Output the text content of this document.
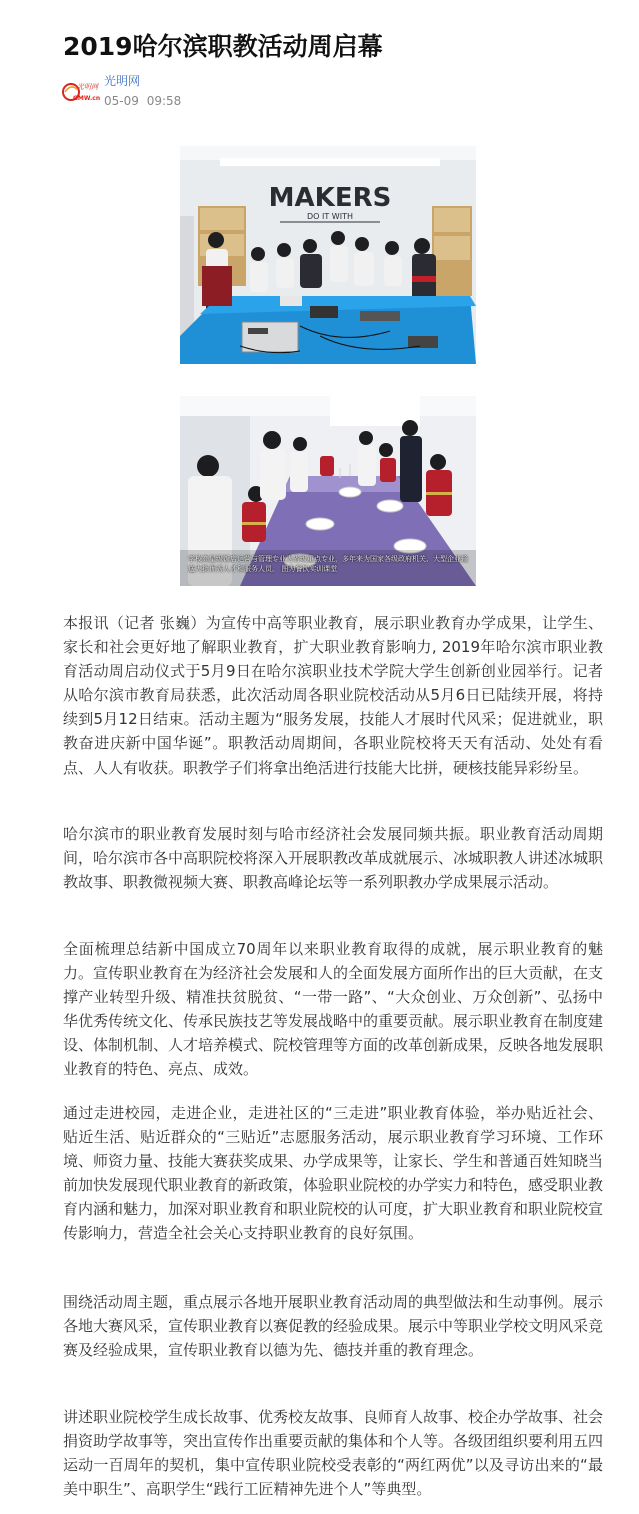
2019哈尔滨职教活动周启幕
光明网
GMW.cn
光明网
05-09 09:58
MAKERS
DO IT WITH
学校高星级饭店运营与管理专业为省级重点专业，多年来为国家各级政府机关、大型企业输送大批优秀人才和服务人员。 图为餐饮实训课堂

本报讯（记者 张巍）为宣传中高等职业教育，展示职业教育办学成果，让学生、家长和社会更好地了解职业教育，扩大职业教育影响力, 2019年哈尔滨市职业教育活动周启动仪式于5月9日在哈尔滨职业技术学院大学生创新创业园举行。记者从哈尔滨市教育局获悉，此次活动周各职业院校活动从5月6日已陆续开展，将持续到5月12日结束。活动主题为“服务发展，技能人才展时代风采；促进就业，职教奋进庆新中国华诞”。职教活动周期间，各职业院校将天天有活动、处处有看点、人人有收获。职教学子们将拿出绝活进行技能大比拼，硬核技能异彩纷呈。

哈尔滨市的职业教育发展时刻与哈市经济社会发展同频共振。职业教育活动周期间，哈尔滨市各中高职院校将深入开展职教改革成就展示、冰城职教人讲述冰城职教故事、职教微视频大赛、职教高峰论坛等一系列职教办学成果展示活动。

全面梳理总结新中国成立70周年以来职业教育取得的成就，展示职业教育的魅力。宣传职业教育在为经济社会发展和人的全面发展方面所作出的巨大贡献，在支撑产业转型升级、精准扶贫脱贫、“一带一路”、“大众创业、万众创新”、弘扬中华优秀传统文化、传承民族技艺等发展战略中的重要贡献。展示职业教育在制度建设、体制机制、人才培养模式、院校管理等方面的改革创新成果，反映各地发展职业教育的特色、亮点、成效。

通过走进校园，走进企业，走进社区的“三走进”职业教育体验，举办贴近社会、贴近生活、贴近群众的“三贴近”志愿服务活动，展示职业教育学习环境、工作环境、师资力量、技能大赛获奖成果、办学成果等，让家长、学生和普通百姓知晓当前加快发展现代职业教育的新政策，体验职业院校的办学实力和特色，感受职业教育内涵和魅力，加深对职业教育和职业院校的认可度，扩大职业教育和职业院校宣传影响力，营造全社会关心支持职业教育的良好氛围。

围绕活动周主题，重点展示各地开展职业教育活动周的典型做法和生动事例。展示各地大赛风采，宣传职业教育以赛促教的经验成果。展示中等职业学校文明风采竞赛及经验成果，宣传职业教育以德为先、德技并重的教育理念。

讲述职业院校学生成长故事、优秀校友故事、良师育人故事、校企办学故事、社会捐资助学故事等，突出宣传作出重要贡献的集体和个人等。各级团组织要利用五四运动一百周年的契机，集中宣传职业院校受表彰的“两红两优”以及寻访出来的“最美中职生”、高职学生“践行工匠精神先进个人”等典型。
